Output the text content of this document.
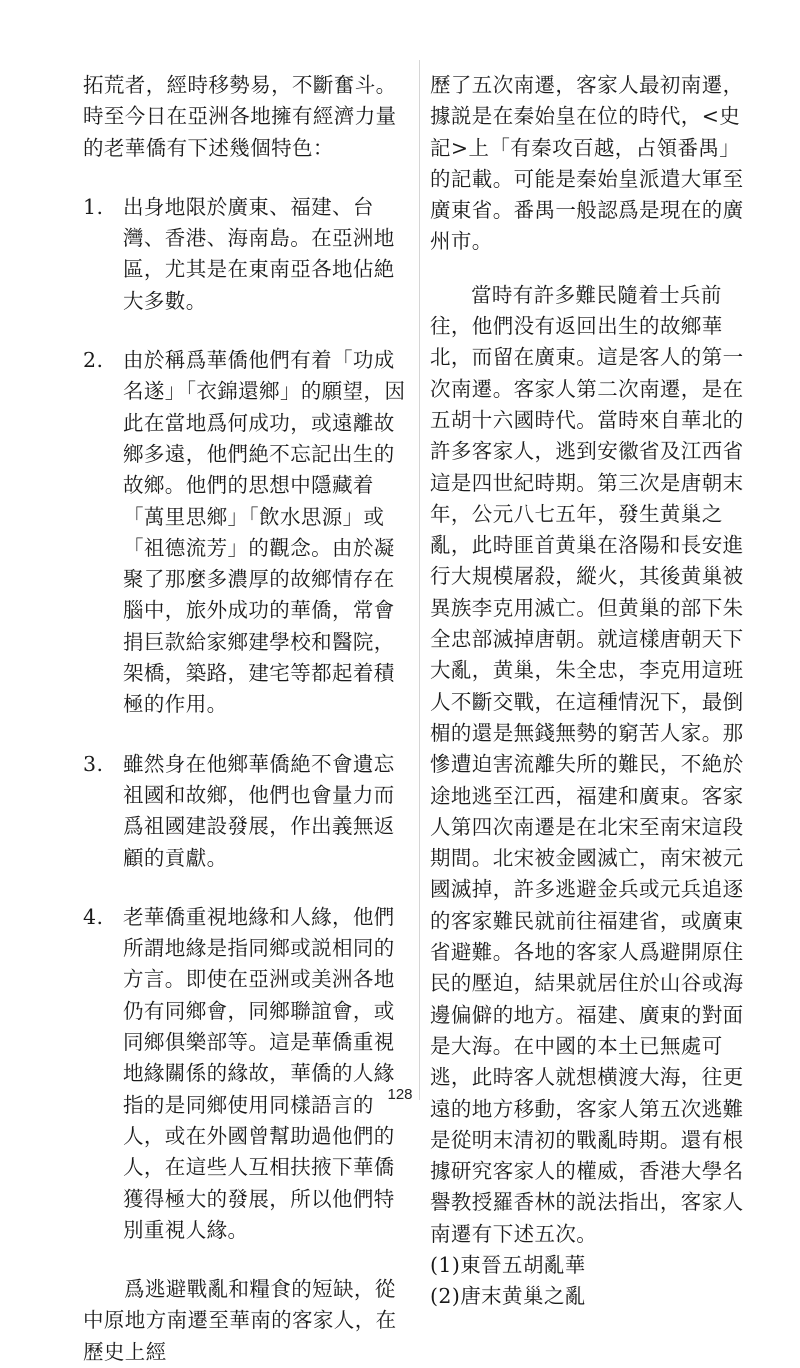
拓荒者，經時移勢易，不斷奮斗。時至今日在亞洲各地擁有經濟力量的老華僑有下述幾個特色：

1. 出身地限於廣東、福建、台灣、香港、海南島。在亞洲地區，尤其是在東南亞各地佔絶大多數。
2. 由於稱爲華僑他們有着「功成名遂」「衣錦還鄉」的願望，因此在當地爲何成功，或遠離故鄉多遠，他們絶不忘記出生的故鄉。他們的思想中隱藏着「萬里思鄉」「飲水思源」或「祖德流芳」的觀念。由於凝聚了那麼多濃厚的故鄉情存在腦中，旅外成功的華僑，常會捐巨款給家鄉建學校和醫院，架橋，築路，建宅等都起着積極的作用。
3. 雖然身在他鄉華僑絶不會遺忘祖國和故鄉，他們也會量力而爲祖國建設發展，作出義無返顧的貢獻。
4. 老華僑重視地緣和人緣，他們所謂地緣是指同鄉或説相同的方言。即使在亞洲或美洲各地仍有同鄉會，同鄉聯誼會，或同鄉俱樂部等。這是華僑重視地緣關係的緣故，華僑的人緣指的是同鄉使用同樣語言的人，或在外國曾幫助過他們的人，在這些人互相扶掖下華僑獲得極大的發展，所以他們特別重視人緣。

爲逃避戰亂和糧食的短缺，從中原地方南遷至華南的客家人，在歷史上經

歷了五次南遷，客家人最初南遷，據説是在秦始皇在位的時代，<史記>上「有秦攻百越，占領番禺」的記載。可能是秦始皇派遣大軍至廣東省。番禺一般認爲是現在的廣州市。

當時有許多難民隨着士兵前往，他們没有返回出生的故鄉華北，而留在廣東。這是客人的第一次南遷。客家人第二次南遷，是在五胡十六國時代。當時來自華北的許多客家人，逃到安徽省及江西省這是四世紀時期。第三次是唐朝末年，公元八七五年，發生黄巢之亂，此時匪首黄巢在洛陽和長安進行大規模屠殺，縱火，其後黄巢被異族李克用滅亡。但黄巢的部下朱全忠部滅掉唐朝。就這樣唐朝天下大亂，黄巢，朱全忠，李克用這班人不斷交戰，在這種情況下，最倒楣的還是無錢無勢的窮苦人家。那慘遭迫害流離失所的難民，不絶於途地逃至江西，福建和廣東。客家人第四次南遷是在北宋至南宋這段期間。北宋被金國滅亡，南宋被元國滅掉，許多逃避金兵或元兵追逐的客家難民就前往福建省，或廣東省避難。各地的客家人爲避開原住民的壓迫，結果就居住於山谷或海邊偏僻的地方。福建、廣東的對面是大海。在中國的本土已無處可逃，此時客人就想横渡大海，往更遠的地方移動，客家人第五次逃難是從明末清初的戰亂時期。還有根據研究客家人的權威，香港大學名譽教授羅香林的説法指出，客家人南遷有下述五次。

(1)東晉五胡亂華

(2)唐末黄巢之亂

128
